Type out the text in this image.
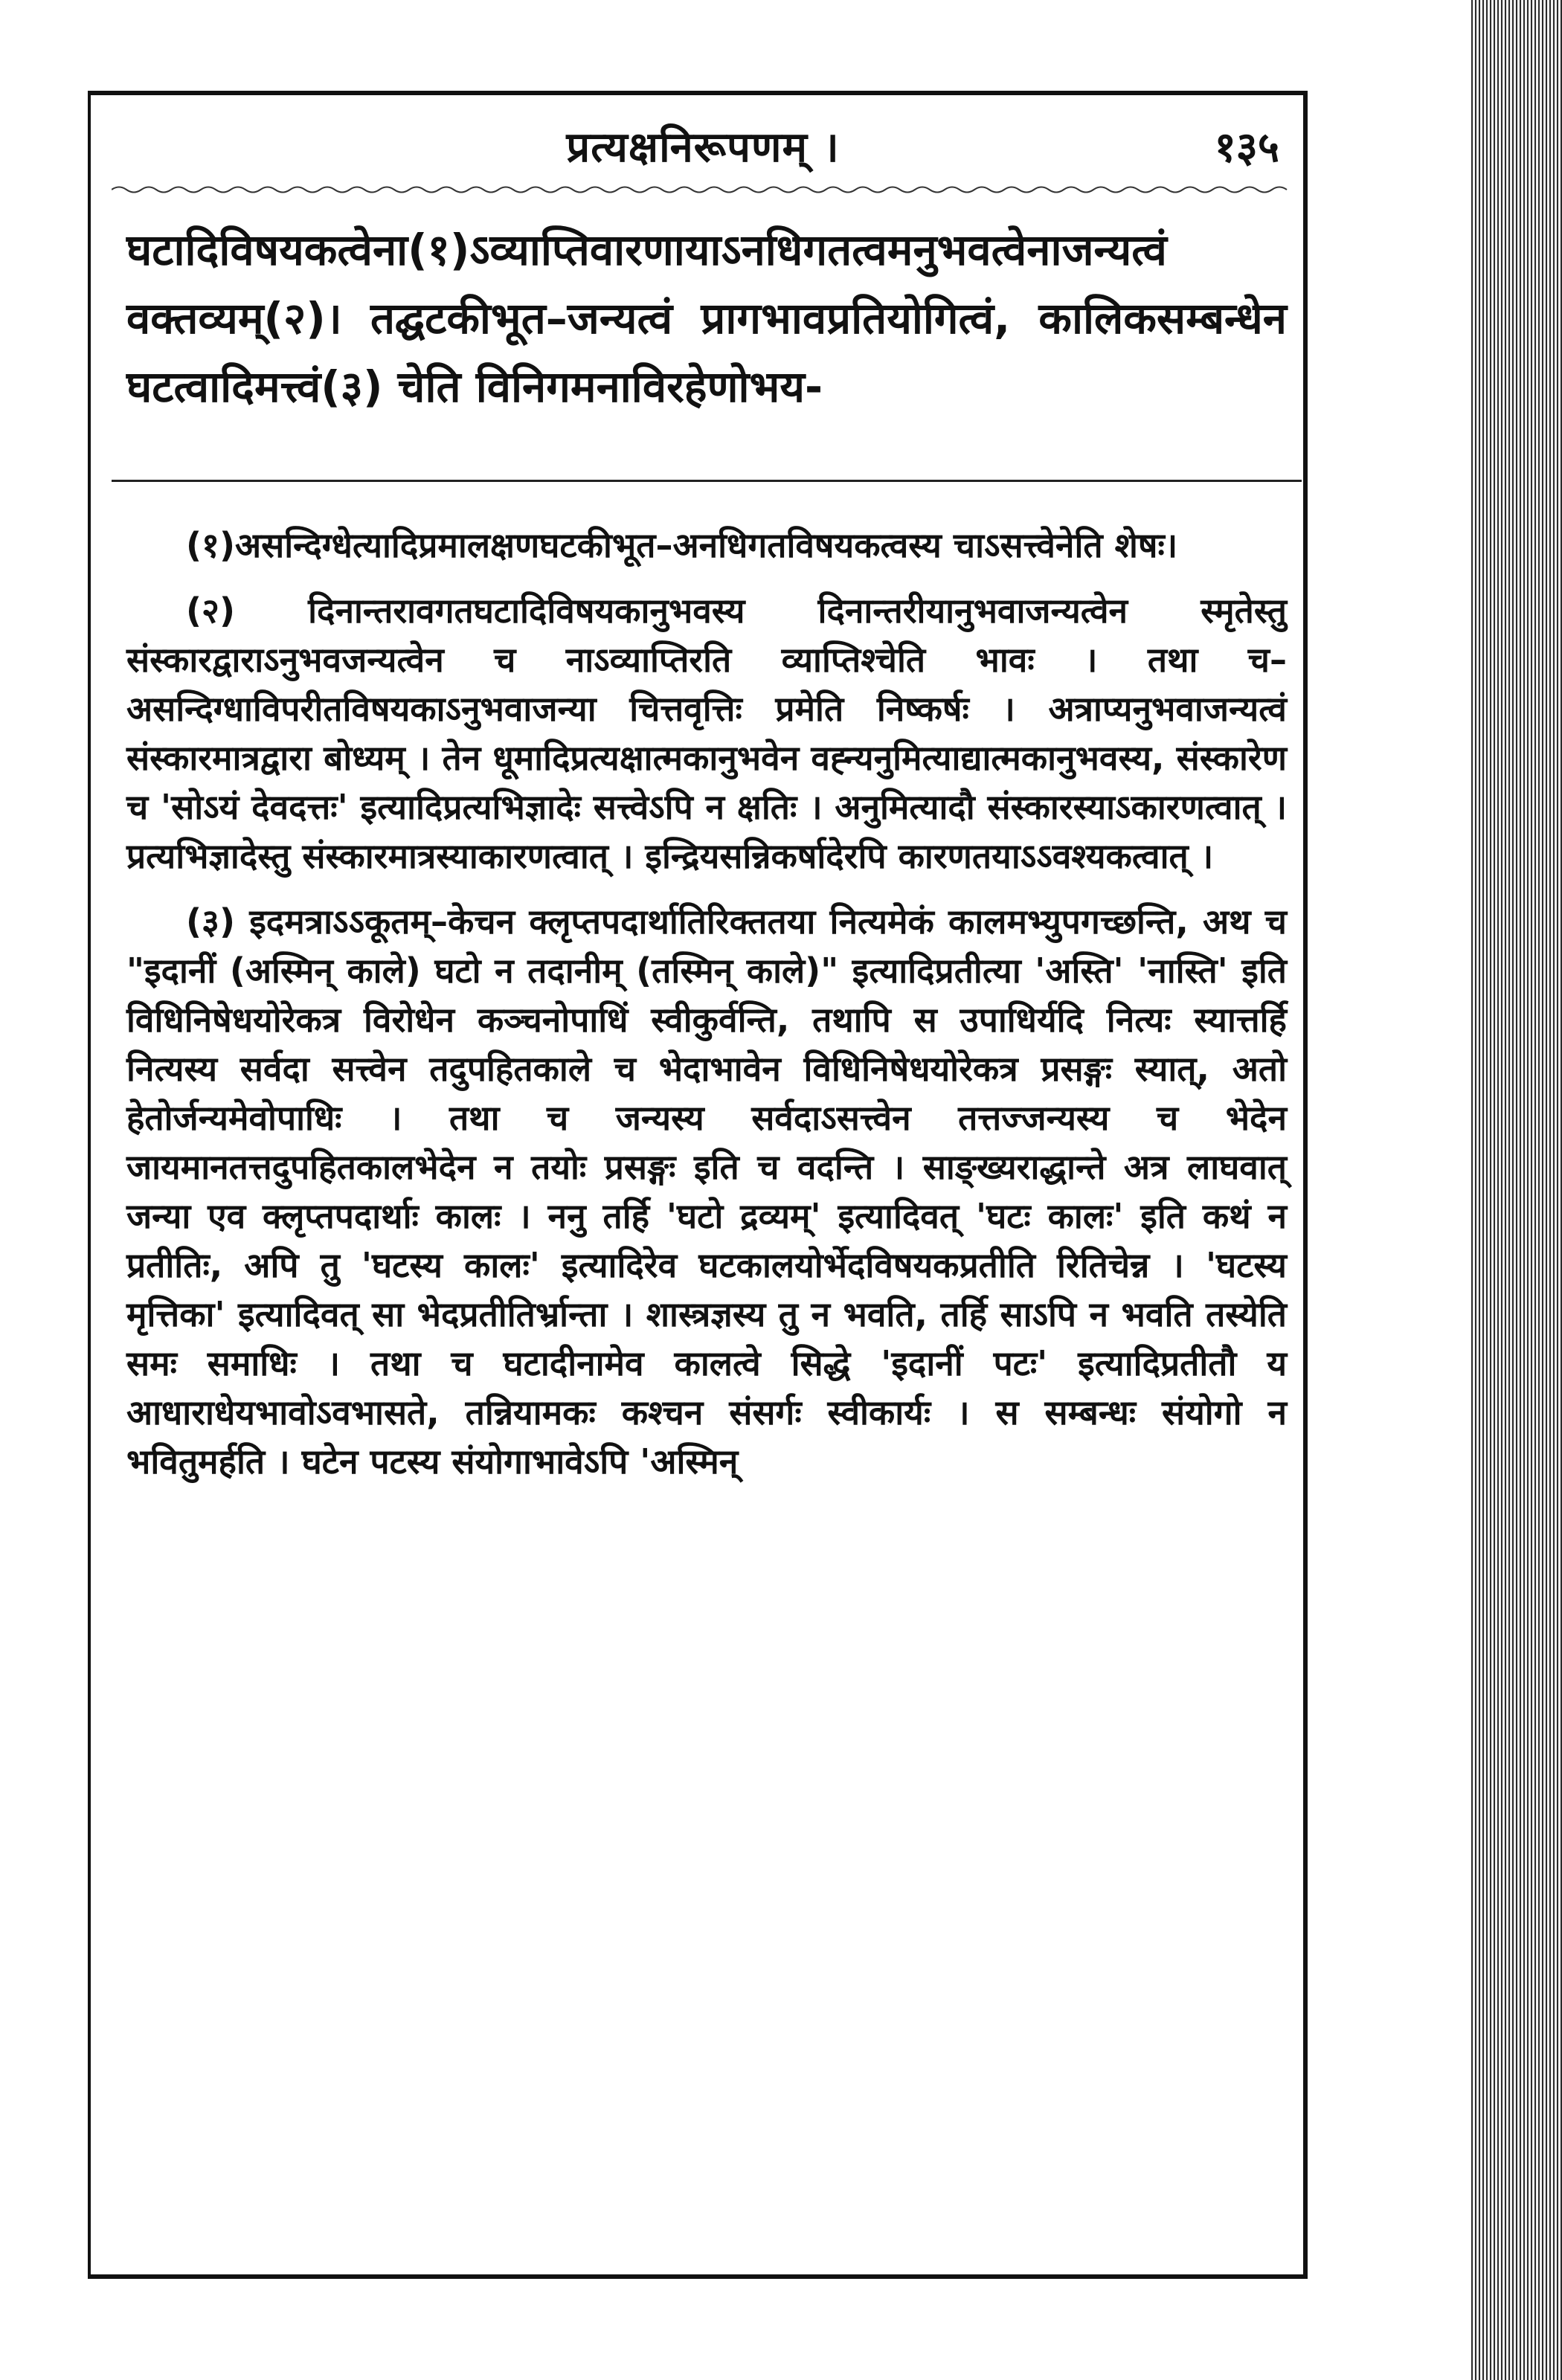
प्रत्यक्षनिरूपणम् ।	१३५
घटादिविषयकत्वेना(१)ऽव्याप्तिवारणायाऽनधिगतत्वमनुभवत्वेनाजन्यत्वं वक्तव्यम्(२)। तद्घटकीभूत–जन्यत्वं प्रागभावप्रतियोगित्वं, कालिकसम्बन्धेन घटत्वादिमत्त्वं(३) चेति विनिगमनाविरहेणोभय-

(१)असन्दिग्धेत्यादिप्रमालक्षणघटकीभूत–अनधिगतविषयकत्वस्य चाऽसत्त्वेनेति शेषः।

(२) दिनान्तरावगतघटादिविषयकानुभवस्य दिनान्तरीयानुभवाजन्यत्वेन स्मृतेस्तु संस्कारद्वाराऽनुभवजन्यत्वेन च नाऽव्याप्तिरति व्याप्तिश्चेति भावः । तथा च–असन्दिग्धाविपरीतविषयकाऽनुभवाजन्या चित्तवृत्तिः प्रमेति निष्कर्षः । अत्राप्यनुभवाजन्यत्वं संस्कारमात्रद्वारा बोध्यम् । तेन धूमादिप्रत्यक्षात्मकानुभवेन वह्न्यनुमित्याद्यात्मकानुभवस्य, संस्कारेण च 'सोऽयं देवदत्तः' इत्यादिप्रत्यभिज्ञादेः सत्त्वेऽपि न क्षतिः । अनुमित्यादौ संस्कारस्याऽकारणत्वात् । प्रत्यभिज्ञादेस्तु संस्कारमात्रस्याकारणत्वात् । इन्द्रियसन्निकर्षादेरपि कारणतयाऽऽवश्यकत्वात् ।

(३) इदमत्राऽऽकूतम्–केचन क्लृप्तपदार्थातिरिक्ततया नित्यमेकं कालमभ्युपगच्छन्ति, अथ च "इदानीं (अस्मिन् काले) घटो न तदानीम् (तस्मिन् काले)" इत्यादिप्रतीत्या 'अस्ति' 'नास्ति' इति विधिनिषेधयोरेकत्र विरोधेन कञ्चनोपाधिं स्वीकुर्वन्ति, तथापि स उपाधिर्यदि नित्यः स्यात्तर्हि नित्यस्य सर्वदा सत्त्वेन तदुपहितकाले च भेदाभावेन विधिनिषेधयोरेकत्र प्रसङ्गः स्यात्, अतो हेतोर्जन्यमेवोपाधिः । तथा च जन्यस्य सर्वदाऽसत्त्वेन तत्तज्जन्यस्य च भेदेन जायमानतत्तदुपहितकालभेदेन न तयोः प्रसङ्गः इति च वदन्ति । साङ्ख्यराद्धान्ते अत्र लाघवात् जन्या एव क्लृप्तपदार्थाः कालः । ननु तर्हि 'घटो द्रव्यम्' इत्यादिवत् 'घटः कालः' इति कथं न प्रतीतिः, अपि तु 'घटस्य कालः' इत्यादिरेव घटकालयोर्भेदविषयकप्रतीति रितिचेन्न । 'घटस्य मृत्तिका' इत्यादिवत् सा भेदप्रतीतिर्भ्रान्ता । शास्त्रज्ञस्य तु न भवति, तर्हि साऽपि न भवति तस्येति समः समाधिः । तथा च घटादीनामेव कालत्वे सिद्धे 'इदानीं पटः' इत्यादिप्रतीतौ य आधाराधेयभावोऽवभासते, तन्नियामकः कश्चन संसर्गः स्वीकार्यः । स सम्बन्धः संयोगो न भवितुमर्हति । घटेन पटस्य संयोगाभावेऽपि 'अस्मिन्
